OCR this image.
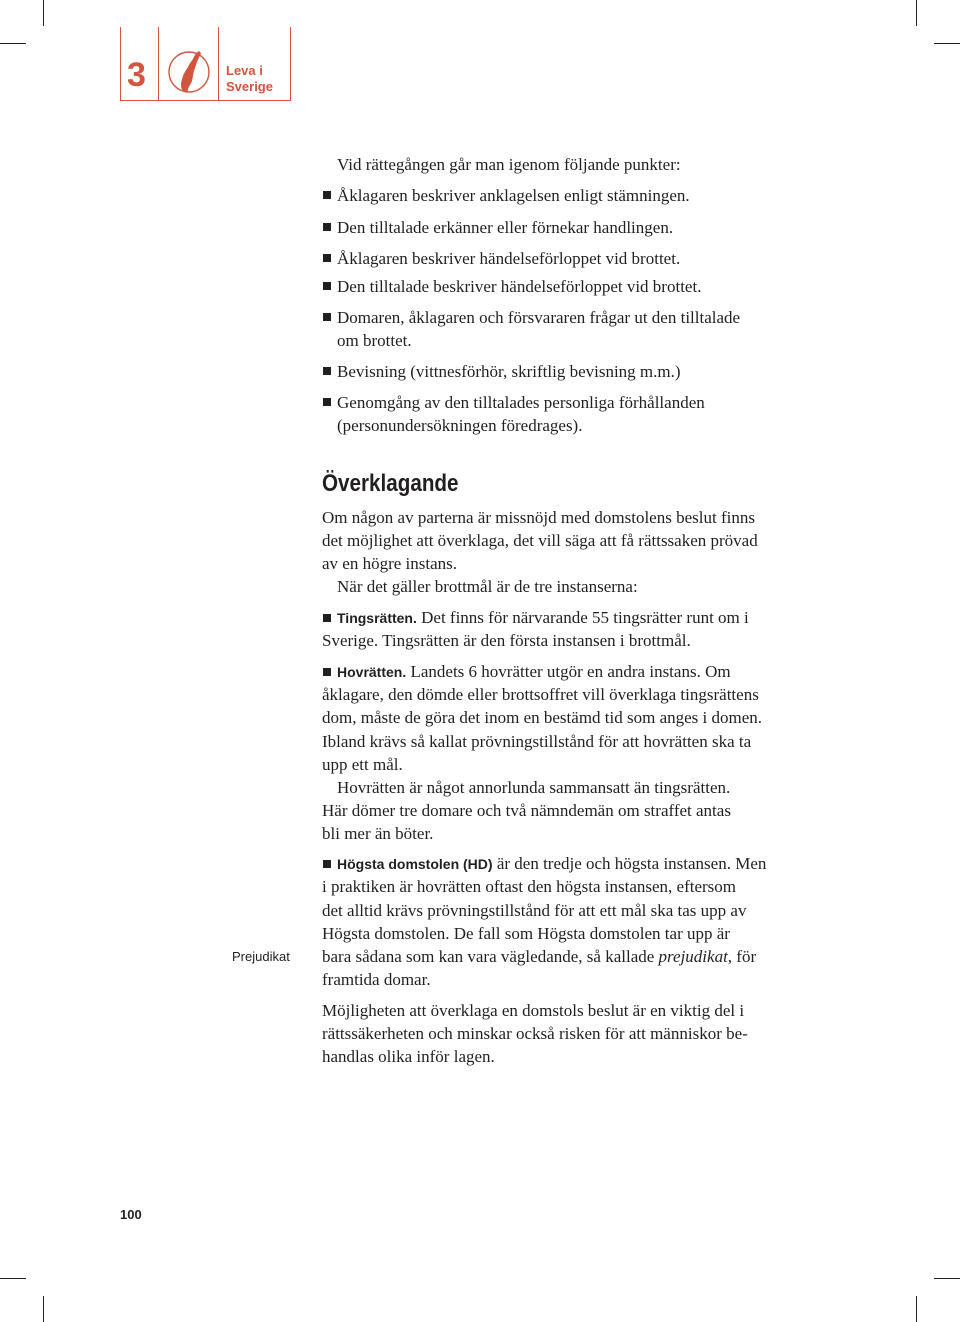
3	Leva i
Sverige
Vid rättegången går man igenom följande punkter:
Åklagaren beskriver anklagelsen enligt stämningen.
Den tilltalade erkänner eller förnekar handlingen.
Åklagaren beskriver händelseförloppet vid brottet.
Den tilltalade beskriver händelseförloppet vid brottet.
Domaren, åklagaren och försvararen frågar ut den tilltalade
om brottet.
Bevisning (vittnesförhör, skriftlig bevisning m.m.)
Genomgång av den tilltalades personliga förhållanden
(personundersökningen föredrages).
Överklagande
Om någon av parterna är missnöjd med domstolens beslut finns
det möjlighet att överklaga, det vill säga att få rättssaken prövad
av en högre instans.
När det gäller brottmål är de tre instanserna:
Tingsrätten. Det finns för närvarande 55 tingsrätter runt om i
Sverige. Tingsrätten är den första instansen i brottmål.
Hovrätten. Landets 6 hovrätter utgör en andra instans. Om
åklagare, den dömde eller brottsoffret vill överklaga tingsrättens
dom, måste de göra det inom en bestämd tid som anges i domen.
Ibland krävs så kallat prövningstillstånd för att hovrätten ska ta
upp ett mål.
Hovrätten är något annorlunda sammansatt än tingsrätten.
Här dömer tre domare och två nämndemän om straffet antas
bli mer än böter.
Högsta domstolen (HD) är den tredje och högsta instansen. Men
i praktiken är hovrätten oftast den högsta instansen, eftersom
det alltid krävs prövningstillstånd för att ett mål ska tas upp av
Högsta domstolen. De fall som Högsta domstolen tar upp är
bara sådana som kan vara vägledande, så kallade prejudikat, för
framtida domar.
Möjligheten att överklaga en domstols beslut är en viktig del i
rättssäkerheten och minskar också risken för att människor be-
handlas olika inför lagen.
Prejudikat
100
